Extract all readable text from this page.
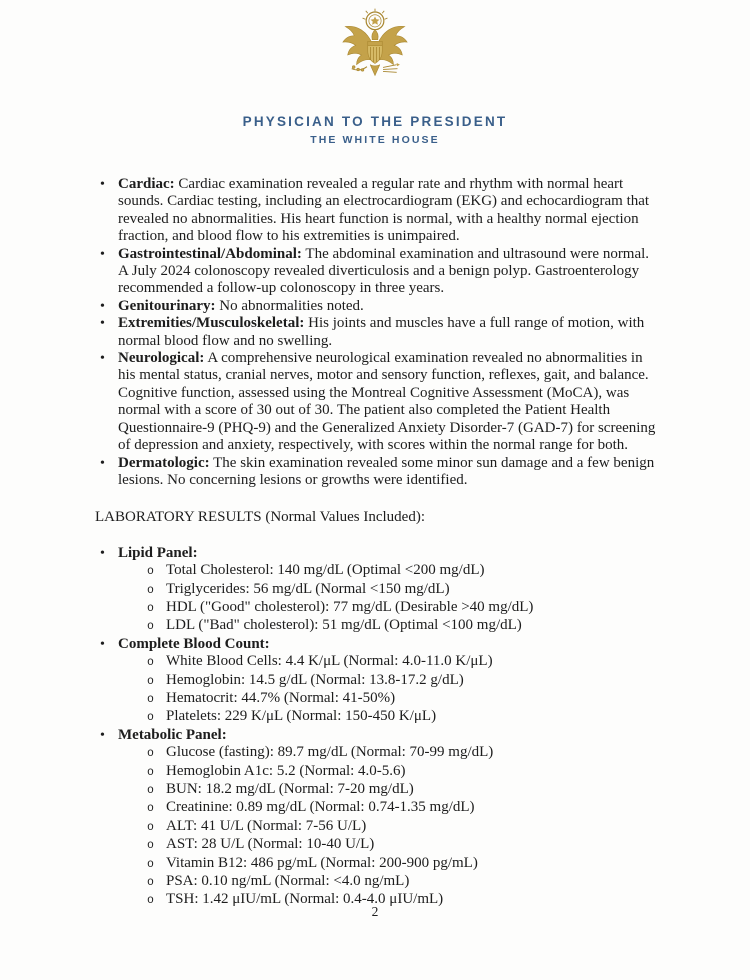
PHYSICIAN TO THE PRESIDENT
THE WHITE HOUSE
• Cardiac: Cardiac examination revealed a regular rate and rhythm with normal heart sounds. Cardiac testing, including an electrocardiogram (EKG) and echocardiogram that revealed no abnormalities. His heart function is normal, with a healthy normal ejection fraction, and blood flow to his extremities is unimpaired.
• Gastrointestinal/Abdominal: The abdominal examination and ultrasound were normal. A July 2024 colonoscopy revealed diverticulosis and a benign polyp. Gastroenterology recommended a follow-up colonoscopy in three years.
• Genitourinary: No abnormalities noted.
• Extremities/Musculoskeletal: His joints and muscles have a full range of motion, with normal blood flow and no swelling.
• Neurological: A comprehensive neurological examination revealed no abnormalities in his mental status, cranial nerves, motor and sensory function, reflexes, gait, and balance. Cognitive function, assessed using the Montreal Cognitive Assessment (MoCA), was normal with a score of 30 out of 30. The patient also completed the Patient Health Questionnaire-9 (PHQ-9) and the Generalized Anxiety Disorder-7 (GAD-7) for screening of depression and anxiety, respectively, with scores within the normal range for both.
• Dermatologic: The skin examination revealed some minor sun damage and a few benign lesions. No concerning lesions or growths were identified.

LABORATORY RESULTS (Normal Values Included):

• Lipid Panel:
o Total Cholesterol: 140 mg/dL (Optimal <200 mg/dL)
o Triglycerides: 56 mg/dL (Normal <150 mg/dL)
o HDL ("Good" cholesterol): 77 mg/dL (Desirable >40 mg/dL)
o LDL ("Bad" cholesterol): 51 mg/dL (Optimal <100 mg/dL)
• Complete Blood Count:
o White Blood Cells: 4.4 K/μL (Normal: 4.0-11.0 K/μL)
o Hemoglobin: 14.5 g/dL (Normal: 13.8-17.2 g/dL)
o Hematocrit: 44.7% (Normal: 41-50%)
o Platelets: 229 K/μL (Normal: 150-450 K/μL)
• Metabolic Panel:
o Glucose (fasting): 89.7 mg/dL (Normal: 70-99 mg/dL)
o Hemoglobin A1c: 5.2 (Normal: 4.0-5.6)
o BUN: 18.2 mg/dL (Normal: 7-20 mg/dL)
o Creatinine: 0.89 mg/dL (Normal: 0.74-1.35 mg/dL)
o ALT: 41 U/L (Normal: 7-56 U/L)
o AST: 28 U/L (Normal: 10-40 U/L)
o Vitamin B12: 486 pg/mL (Normal: 200-900 pg/mL)
o PSA: 0.10 ng/mL (Normal: <4.0 ng/mL)
o TSH: 1.42 μIU/mL (Normal: 0.4-4.0 μIU/mL)
2
